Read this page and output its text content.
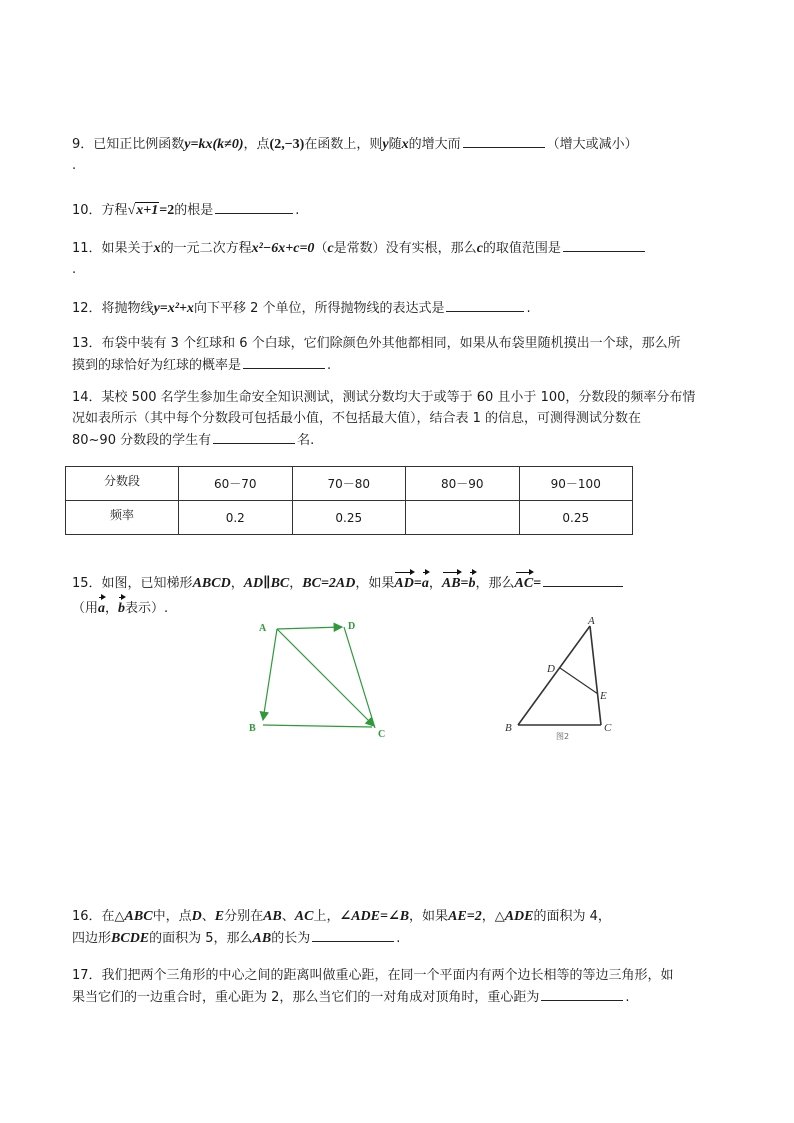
9．已知正比例函数y=kx(k≠0)，点(2,−3)在函数上，则y随x的增大而	（增大或减小）
.
10．方程√x+1=2的根是	.
11．如果关于x的一元二次方程x²−6x+c=0（c是常数）没有实根，那么c的取值范围是
.
12．将抛物线y=x²+x向下平移 2 个单位，所得抛物线的表达式是	.
13．布袋中装有 3 个红球和 6 个白球，它们除颜色外其他都相同，如果从布袋里随机摸出一个球，那么所
摸到的球恰好为红球的概率是	.
14．某校 500 名学生参加生命安全知识测试，测试分数均大于或等于 60 且小于 100，分数段的频率分布情
况如表所示（其中每个分数段可包括最小值，不包括最大值），结合表 1 的信息，可测得测试分数在
80~90 分数段的学生有	名.
分数段	60－70	70－80	80－90	90－100
频率	0.2	0.25		0.25
15．如图，已知梯形ABCD，AD∥BC，BC=2AD，如果AD=a，AB=b，那么AC=
（用a，b表示）.
A	D
B
C
A
D
E
B	C
图2
16．在△ABC中，点D、E分别在AB、AC上，∠ADE=∠B，如果AE=2，△ADE的面积为 4，
四边形BCDE的面积为 5，那么AB的长为	.
17．我们把两个三角形的中心之间的距离叫做重心距，在同一个平面内有两个边长相等的等边三角形，如
果当它们的一边重合时，重心距为 2，那么当它们的一对角成对顶角时，重心距为	.
